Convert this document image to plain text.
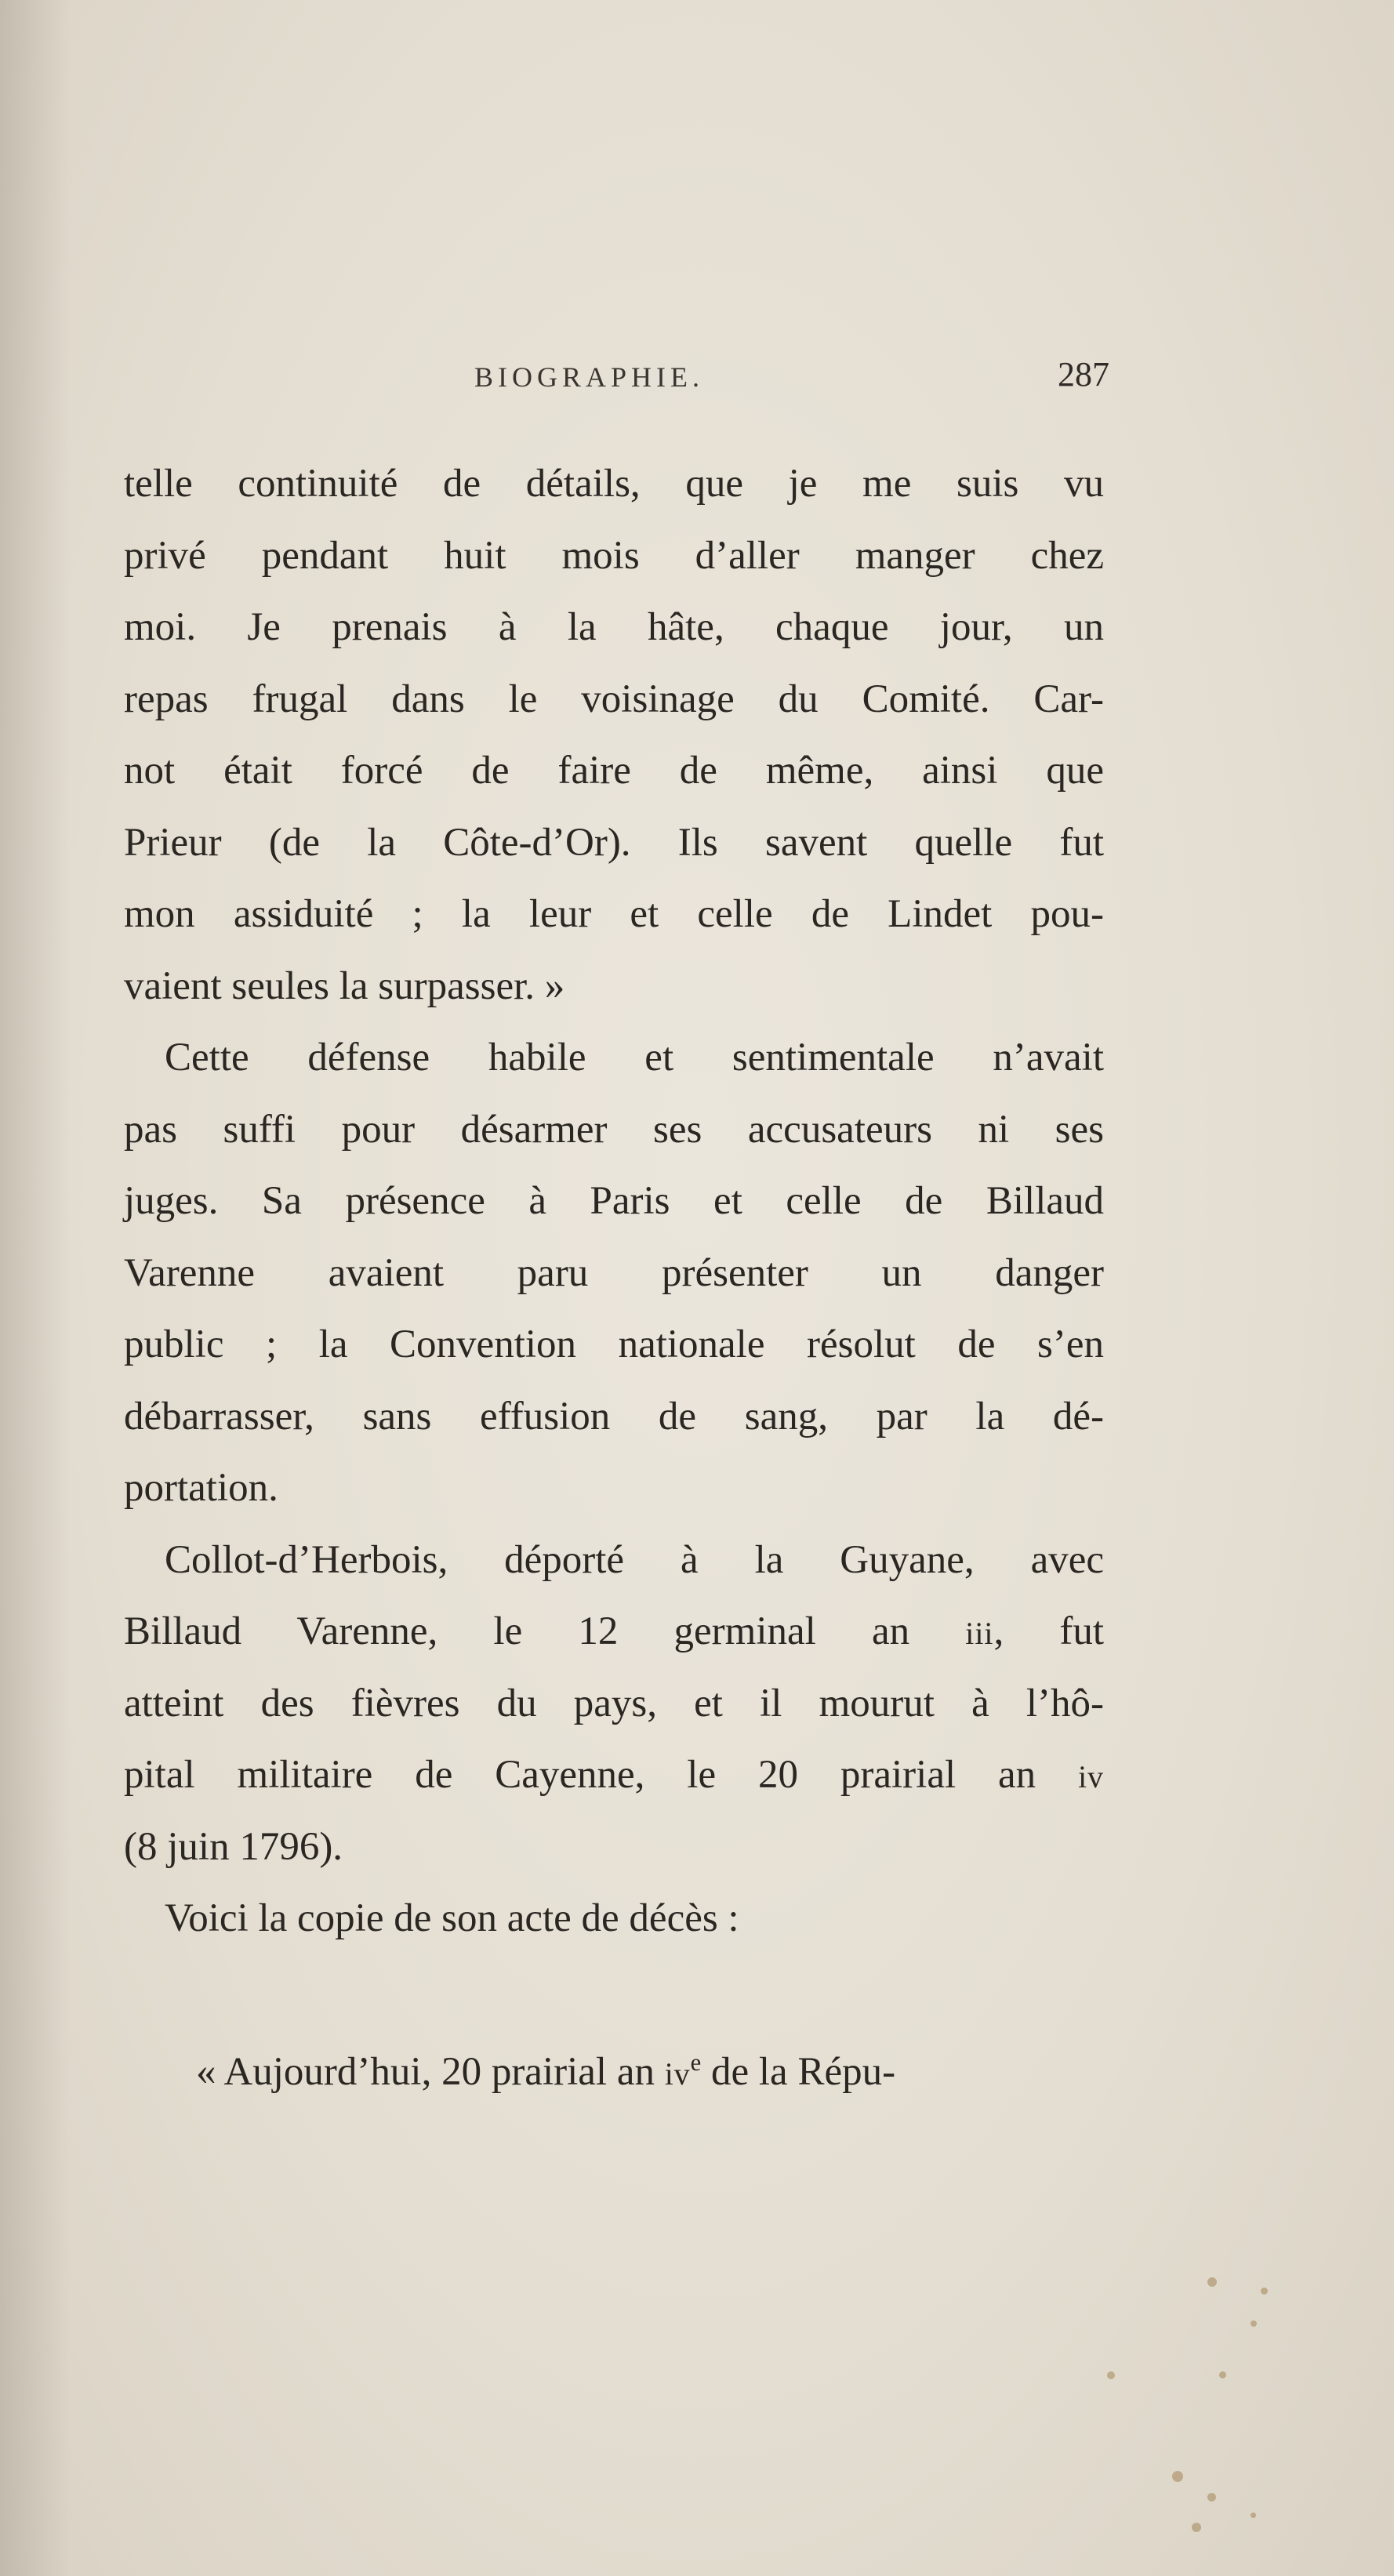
BIOGRAPHIE.	287
telle continuité de détails, que je me suis vu
privé pendant huit mois d’aller manger chez
moi. Je prenais à la hâte, chaque jour, un
repas frugal dans le voisinage du Comité. Car-
not était forcé de faire de même, ainsi que
Prieur (de la Côte-d’Or). Ils savent quelle fut
mon assiduité ; la leur et celle de Lindet pou-
vaient seules la surpasser. »
Cette défense habile et sentimentale n’avait
pas suffi pour désarmer ses accusateurs ni ses
juges. Sa présence à Paris et celle de Billaud
Varenne avaient paru présenter un danger
public ; la Convention nationale résolut de s’en
débarrasser, sans effusion de sang, par la dé-
portation.
Collot-d’Herbois, déporté à la Guyane, avec
Billaud Varenne, le 12 germinal an iii, fut
atteint des fièvres du pays, et il mourut à l’hô-
pital militaire de Cayenne, le 20 prairial an iv
(8 juin 1796).
Voici la copie de son acte de décès :
« Aujourd’hui, 20 prairial an $iv^e$ de la Répu-
